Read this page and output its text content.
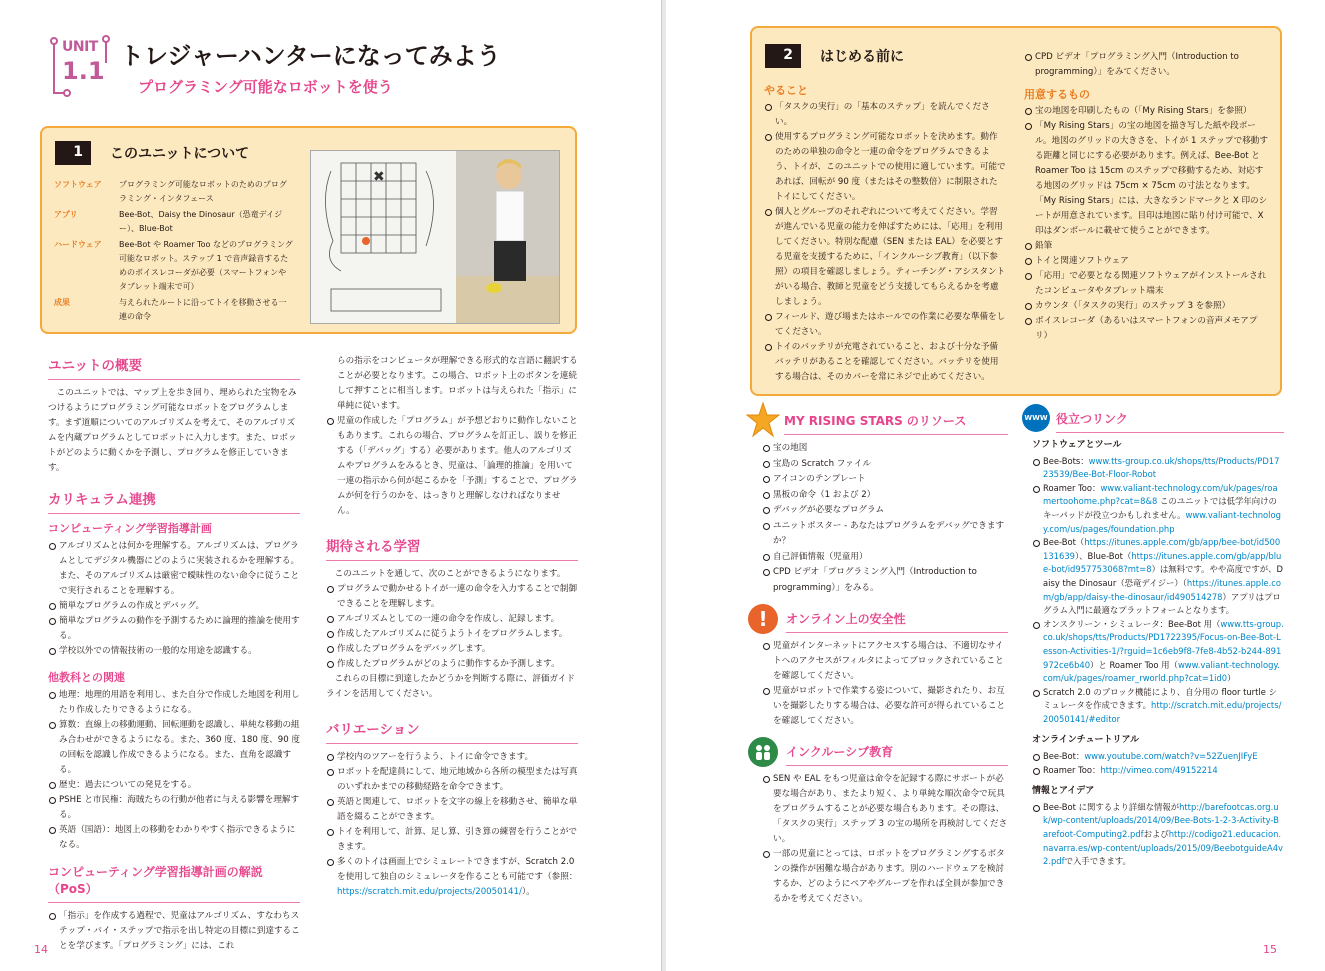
UNIT
1.1
トレジャーハンターになってみよう
プログラミング可能なロボットを使う
1	このユニットについて
ソフトウェア	プログラミング可能なロボットのためのプログラミング・インタフェース
アプリ	Bee-Bot、Daisy the Dinosaur（恐竜デイジー）、Blue-Bot
ハードウェア	Bee-Bot や Roamer Too などのプログラミング可能なロボット。ステップ 1 で音声録音するためのボイスレコーダが必要（スマートフォンやタブレット端末で可）
成果	与えられたルートに沿ってトイを移動させる一連の命令
✖
ユニットの概要
このユニットでは、マップ上を歩き回り、埋められた宝物をみつけるようにプログラミング可能なロボットをプログラムします。まず道順についてのアルゴリズムを考えて、そのアルゴリズムを内蔵プログラムとしてロボットに入力します。また、ロボットがどのように動くかを予測し、プログラムを修正していきます。
カリキュラム連携
コンピューティング学習指導計画
アルゴリズムとは何かを理解する。アルゴリズムは、プログラムとしてデジタル機器にどのように実装されるかを理解する。また、そのアルゴリズムは厳密で曖昧性のない命令に従うことで実行されることを理解する。
簡単なプログラムの作成とデバッグ。
簡単なプログラムの動作を予測するために論理的推論を使用する。
学校以外での情報技術の一般的な用途を認識する。
他教科との関連
地理：地理的用語を利用し、また自分で作成した地図を利用したり作成したりできるようになる。
算数：直線上の移動運動、回転運動を認識し、単純な移動の組み合わせができるようになる。また、360 度、180 度、90 度の回転を認識し作成できるようになる。また、直角を認識する。
歴史：過去についての発見をする。
PSHE と市民権：海賊たちの行動が他者に与える影響を理解する。
英語（国語）：地図上の移動をわかりやすく指示できるようになる。
コンピューティング学習指導計画の解説（PoS）
「指示」を作成する過程で、児童はアルゴリズム、すなわちステップ・バイ・ステップで指示を出し特定の目標に到達することを学びます。「プログラミング」には、これ
らの指示をコンピュータが理解できる形式的な言語に翻訳することが必要となります。この場合、ロボット上のボタンを連続して押すことに相当します。ロボットは与えられた「指示」に単純に従います。
児童の作成した「プログラム」が予想どおりに動作しないこともあります。これらの場合、プログラムを訂正し、誤りを修正する（「デバッグ」する）必要があります。他人のアルゴリズムやプログラムをみるとき、児童は、「論理的推論」を用いて一連の指示から何が起こるかを「予測」することで、プログラムが何を行うのかを、はっきりと理解しなければなりません。
期待される学習
このユニットを通して、次のことができるようになります。
プログラムで動かせるトイが一連の命令を入力することで制御できることを理解します。
アルゴリズムとしての一連の命令を作成し、記録します。
作成したアルゴリズムに従うようトイをプログラムします。
作成したプログラムをデバッグします。
作成したプログラムがどのように動作するか予測します。
これらの目標に到達したかどうかを判断する際に、評価ガイドラインを活用してください。
バリエーション
学校内のツアーを行うよう、トイに命令できます。
ロボットを配達員にして、地元地域から各所の模型または写真のいずれかまでの移動経路を命令できます。
英語と関連して、ロボットを文字の線上を移動させ、簡単な単語を綴ることができます。
トイを利用して、計算、足し算、引き算の練習を行うことができます。
多くのトイは画面上でシミュレートできますが、Scratch 2.0 を使用して独自のシミュレータを作ることも可能です（参照：https://scratch.mit.edu/projects/20050141/）。
14
2	はじめる前に
やること
「タスクの実行」の「基本のステップ」を読んでください。
使用するプログラミング可能なロボットを決めます。動作のための単独の命令と一連の命令をプログラムできるよう、トイが、このユニットでの使用に適しています。可能であれば、回転が 90 度（またはその整数倍）に制限されたトイにしてください。
個人とグループのそれぞれについて考えてください。学習が進んでいる児童の能力を伸ばすためには、「応用」を利用してください。特別な配慮（SEN または EAL）を必要とする児童を支援するために、「インクルーシブ教育」（以下参照）の項目を確認しましょう。ティーチング・アシスタントがいる場合、教師と児童をどう支援してもらえるかを考慮しましょう。
フィールド、遊び場またはホールでの作業に必要な準備をしてください。
トイのバッテリが充電されていること、および十分な予備バッテリがあることを確認してください。バッテリを使用する場合は、そのカバーを常にネジで止めてください。
CPD ビデオ「プログラミング入門（Introduction to programming）」をみてください。
用意するもの
宝の地図を印刷したもの（「My Rising Stars」を参照）
「My Rising Stars」の宝の地図を描き写した紙や段ボール。地図のグリッドの大きさを、トイが 1 ステップで移動する距離と同じにする必要があります。例えば、Bee-Bot と Roamer Too は 15cm のステップで移動するため、対応する地図のグリッドは 75cm × 75cm の寸法となります。「My Rising Stars」には、大きなランドマークと X 印のシートが用意されています。目印は地図に貼り付け可能で、X 印はダンボールに載せて使うことができます。
鉛筆
トイと関連ソフトウェア
「応用」で必要となる関連ソフトウェアがインストールされたコンピュータやタブレット端末
カウンタ（「タスクの実行」のステップ 3 を参照）
ボイスレコーダ（あるいはスマートフォンの音声メモアプリ）
MY RISING STARS のリソース
宝の地図
宝島の Scratch ファイル
アイコンのテンプレート
黒板の命令（1 および 2）
デバッグが必要なプログラム
ユニットポスター - あなたはプログラムをデバッグできますか？
自己評価情報（児童用）
CPD ビデオ「プログラミング入門（Introduction to programming）」をみる。
!	オンライン上の安全性
児童がインターネットにアクセスする場合は、不適切なサイトへのアクセスがフィルタによってブロックされていることを確認してください。
児童がロボットで作業する姿について、撮影されたり、お互いを撮影したりする場合は、必要な許可が得られていることを確認してください。
インクルーシブ教育
SEN や EAL をもつ児童は命令を記録する際にサポートが必要な場合があり、またより短く、より単純な順次命令で玩具をプログラムすることが必要な場合もあります。その際は、「タスクの実行」ステップ 3 の宝の場所を再検討してください。
一部の児童にとっては、ロボットをプログラミングするボタンの操作が困難な場合があります。別のハードウェアを検討するか、どのようにペアやグループを作れば全員が参加できるかを考えてください。
WWW 役立つリンク
ソフトウェアとツール
Bee-Bots：www.tts-group.co.uk/shops/tts/Products/PD1723539/Bee-Bot-Floor-Robot
Roamer Too：www.valiant-technology.com/uk/pages/roamertoohome.php?cat=8&8 このユニットでは低学年向けのキーパッドが役立つかもしれません。www.valiant-technology.com/us/pages/foundation.php
Bee-Bot（https://itunes.apple.com/gb/app/bee-bot/id500131639）、Blue-Bot（https://itunes.apple.com/gb/app/blue-bot/id957753068?mt=8）は無料です。やや高度ですが、Daisy the Dinosaur（恐竜デイジー）（https://itunes.apple.com/gb/app/daisy-the-dinosaur/id490514278）アプリはプログラム入門に最適なプラットフォームとなります。
オンスクリーン・シミュレータ：Bee-Bot 用（www.tts-group.co.uk/shops/tts/Products/PD1722395/Focus-on-Bee-Bot-Lesson-Activities-1/?rguid=1c6eb9f8-7fe8-4b52-b244-891972ce6b40）と Roamer Too 用（www.valiant-technology.com/uk/pages/roamer_rworld.php?cat=1id0）
Scratch 2.0 のブロック機能により、自分用の floor turtle シミュレータを作成できます。http://scratch.mit.edu/projects/20050141/#editor
オンラインチュートリアル
Bee-Bot：www.youtube.com/watch?v=52ZuenJIFyE
Roamer Too：http://vimeo.com/49152214
情報とアイデア
Bee-Bot に関するより詳細な情報がhttp://barefootcas.org.uk/wp-content/uploads/2014/09/Bee-Bots-1-2-3-Activity-Barefoot-Computing2.pdfおよびhttp://codigo21.educacion.navarra.es/wp-content/uploads/2015/09/BeebotguideA4v2.pdfで入手できます。
15
